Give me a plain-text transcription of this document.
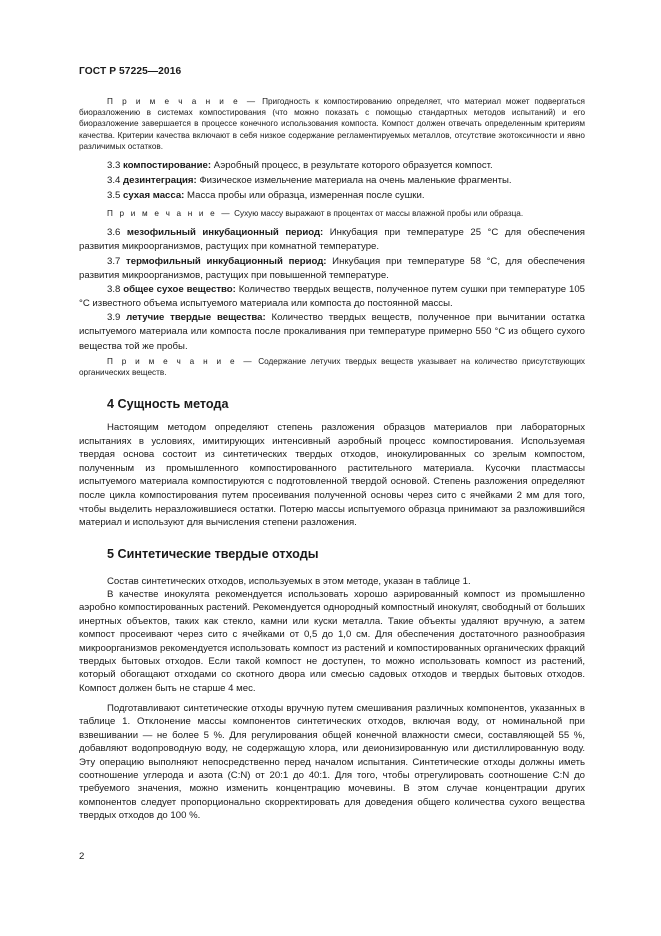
ГОСТ Р 57225—2016
П р и м е ч а н и е — Пригодность к компостированию определяет, что материал может подвергаться биоразложению в системах компостирования (что можно показать с помощью стандартных методов испытаний) и его биоразложение завершается в процессе конечного использования компоста. Компост должен отвечать определенным критериям качества. Критерии качества включают в себя низкое содержание регламентируемых металлов, отсутствие экотоксичности и явно различимых остатков.
3.3 компостирование: Аэробный процесс, в результате которого образуется компост.
3.4 дезинтеграция: Физическое измельчение материала на очень маленькие фрагменты.
3.5 сухая масса: Масса пробы или образца, измеренная после сушки.
П р и м е ч а н и е — Сухую массу выражают в процентах от массы влажной пробы или образца.
3.6 мезофильный инкубационный период: Инкубация при температуре 25 °С для обеспечения развития микроорганизмов, растущих при комнатной температуре.
3.7 термофильный инкубационный период: Инкубация при температуре 58 °С, для обеспечения развития микроорганизмов, растущих при повышенной температуре.
3.8 общее сухое вещество: Количество твердых веществ, полученное путем сушки при температуре 105 °С известного объема испытуемого материала или компоста до постоянной массы.
3.9 летучие твердые вещества: Количество твердых веществ, полученное при вычитании остатка испытуемого материала или компоста после прокаливания при температуре примерно 550 °С из общего сухого вещества той же пробы.
П р и м е ч а н и е — Содержание летучих твердых веществ указывает на количество присутствующих органических веществ.
4 Сущность метода
Настоящим методом определяют степень разложения образцов материалов при лабораторных испытаниях в условиях, имитирующих интенсивный аэробный процесс компостирования. Используемая твердая основа состоит из синтетических твердых отходов, инокулированных со зрелым компостом, полученным из промышленного компостированного растительного материала. Кусочки пластмассы испытуемого материала компостируются с подготовленной твердой основой. Степень разложения определяют после цикла компостирования путем просеивания полученной основы через сито с ячейками 2 мм для того, чтобы выделить неразложившиеся остатки. Потерю массы испытуемого образца принимают за разложившийся материал и используют для вычисления степени разложения.
5 Синтетические твердые отходы
Состав синтетических отходов, используемых в этом методе, указан в таблице 1.
В качестве инокулята рекомендуется использовать хорошо аэрированный компост из промышленно аэробно компостированных растений. Рекомендуется однородный компостный инокулят, свободный от больших инертных объектов, таких как стекло, камни или куски металла. Такие объекты удаляют вручную, а затем компост просеивают через сито с ячейками от 0,5 до 1,0 см. Для обеспечения достаточного разнообразия микроорганизмов рекомендуется использовать компост из растений и компостированных органических фракций твердых бытовых отходов. Если такой компост не доступен, то можно использовать компост из растений, который обогащают отходами со скотного двора или смесью садовых отходов и твердых бытовых отходов. Компост должен быть не старше 4 мес.
Подготавливают синтетические отходы вручную путем смешивания различных компонентов, указанных в таблице 1. Отклонение массы компонентов синтетических отходов, включая воду, от номинальной при взвешивании — не более 5 %. Для регулирования общей конечной влажности смеси, составляющей 55 %, добавляют водопроводную воду, не содержащую хлора, или деионизированную или дистиллированную воду. Эту операцию выполняют непосредственно перед началом испытания. Синтетические отходы должны иметь соотношение углерода и азота (C:N) от 20:1 до 40:1. Для того, чтобы отрегулировать соотношение C:N до требуемого значения, можно изменить концентрацию мочевины. В этом случае концентрации других компонентов следует пропорционально скорректировать для доведения общего количества сухого вещества твердых отходов до 100 %.
2
